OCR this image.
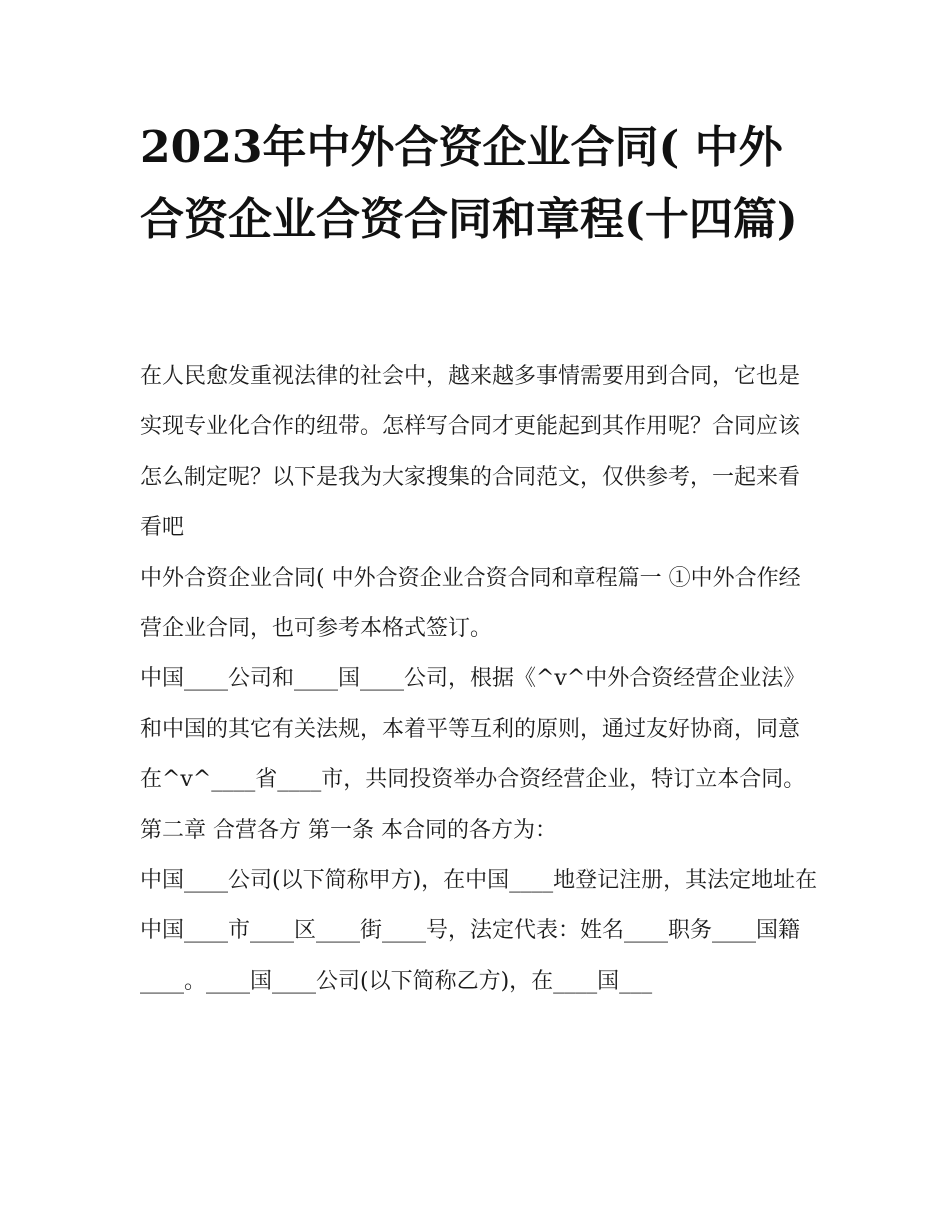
2023年中外合资企业合同( 中外合资企业合资合同和章程(十四篇)

在人民愈发重视法律的社会中，越来越多事情需要用到合同，它也是实现专业化合作的纽带。怎样写合同才更能起到其作用呢？合同应该怎么制定呢？以下是我为大家搜集的合同范文，仅供参考，一起来看看吧

中外合资企业合同( 中外合资企业合资合同和章程篇一 ①中外合作经营企业合同，也可参考本格式签订。

中国____公司和____国____公司，根据《^v^中外合资经营企业法》和中国的其它有关法规，本着平等互利的原则，通过友好协商，同意在^v^____省____市，共同投资举办合资经营企业，特订立本合同。

第二章 合营各方 第一条 本合同的各方为：

中国____公司(以下简称甲方)，在中国____地登记注册，其法定地址在中国____市____区____街____号，法定代表：姓名____职务____国籍____。____国____公司(以下简称乙方)，在____国___
